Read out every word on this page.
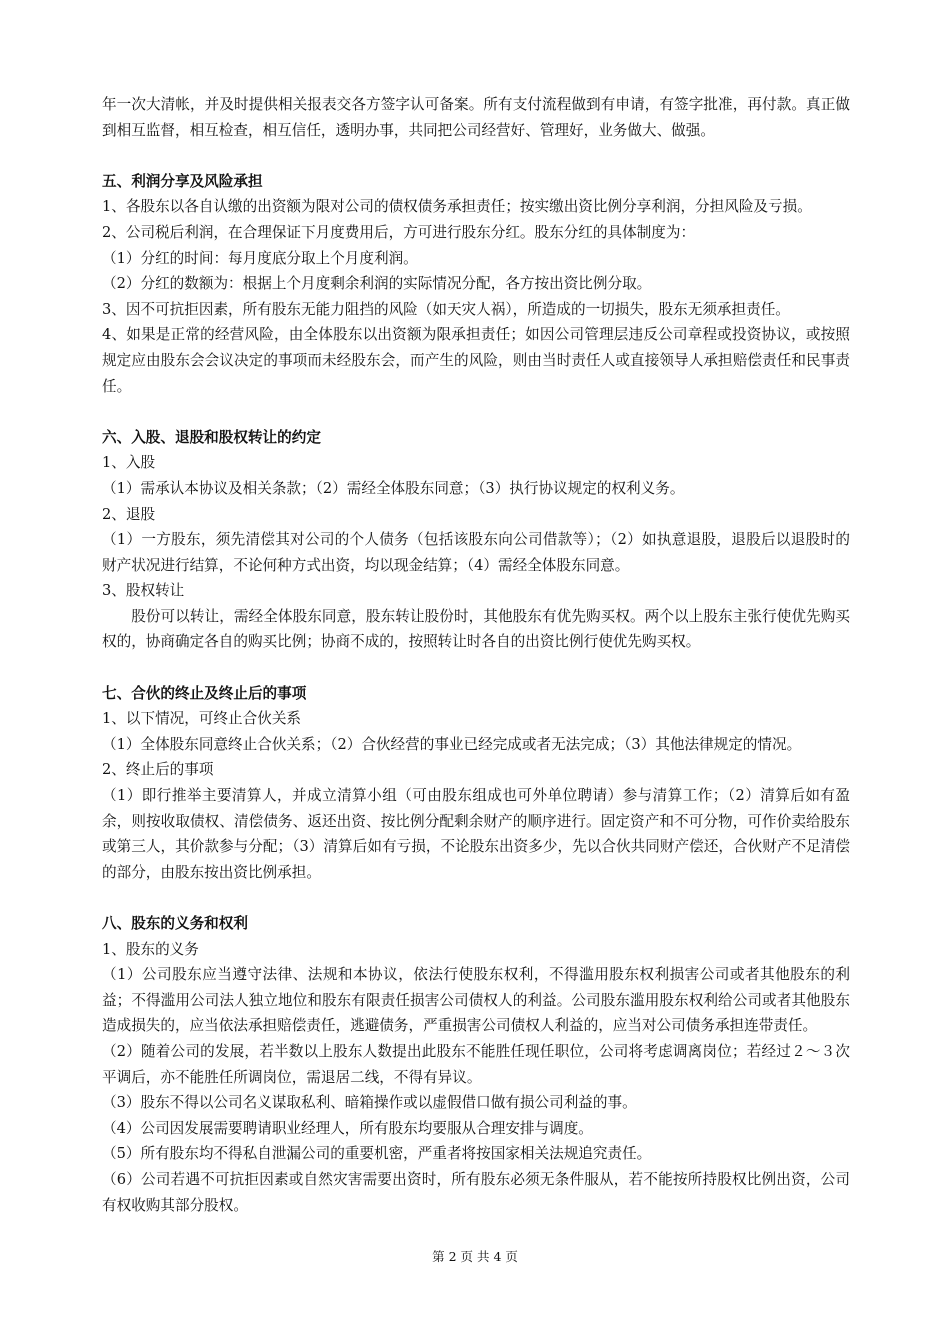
年一次大清帐，并及时提供相关报表交各方签字认可备案。所有支付流程做到有申请，有签字批准，再付款。真正做到相互监督，相互检查，相互信任，透明办事，共同把公司经营好、管理好，业务做大、做强。

五、利润分享及风险承担

1、各股东以各自认缴的出资额为限对公司的债权债务承担责任；按实缴出资比例分享利润，分担风险及亏损。

2、公司税后利润，在合理保证下月度费用后，方可进行股东分红。股东分红的具体制度为：

（1）分红的时间：每月度底分取上个月度利润。

（2）分红的数额为：根据上个月度剩余利润的实际情况分配，各方按出资比例分取。

3、因不可抗拒因素，所有股东无能力阻挡的风险（如天灾人祸），所造成的一切损失，股东无须承担责任。

4、如果是正常的经营风险，由全体股东以出资额为限承担责任；如因公司管理层违反公司章程或投资协议，或按照规定应由股东会会议决定的事项而未经股东会，而产生的风险，则由当时责任人或直接领导人承担赔偿责任和民事责任。

六、入股、退股和股权转让的约定

1、入股

（1）需承认本协议及相关条款；（2）需经全体股东同意；（3）执行协议规定的权利义务。

2、退股

（1）一方股东，须先清偿其对公司的个人债务（包括该股东向公司借款等）；（2）如执意退股，退股后以退股时的财产状况进行结算，不论何种方式出资，均以现金结算；（4）需经全体股东同意。

3、股权转让

股份可以转让，需经全体股东同意，股东转让股份时，其他股东有优先购买权。两个以上股东主张行使优先购买权的，协商确定各自的购买比例；协商不成的，按照转让时各自的出资比例行使优先购买权。

七、合伙的终止及终止后的事项

1、以下情况，可终止合伙关系

（1）全体股东同意终止合伙关系；（2）合伙经营的事业已经完成或者无法完成；（3）其他法律规定的情况。

2、终止后的事项

（1）即行推举主要清算人，并成立清算小组（可由股东组成也可外单位聘请）参与清算工作；（2）清算后如有盈余，则按收取债权、清偿债务、返还出资、按比例分配剩余财产的顺序进行。固定资产和不可分物，可作价卖给股东或第三人，其价款参与分配；（3）清算后如有亏损，不论股东出资多少，先以合伙共同财产偿还，合伙财产不足清偿的部分，由股东按出资比例承担。

八、股东的义务和权利

1、股东的义务

（1）公司股东应当遵守法律、法规和本协议，依法行使股东权利，不得滥用股东权利损害公司或者其他股东的利益；不得滥用公司法人独立地位和股东有限责任损害公司债权人的利益。公司股东滥用股东权利给公司或者其他股东造成损失的，应当依法承担赔偿责任，逃避债务，严重损害公司债权人利益的，应当对公司债务承担连带责任。

（2）随着公司的发展，若半数以上股东人数提出此股东不能胜任现任职位，公司将考虑调离岗位；若经过２～３次平调后，亦不能胜任所调岗位，需退居二线，不得有异议。

（3）股东不得以公司名义谋取私利、暗箱操作或以虚假借口做有损公司利益的事。

（4）公司因发展需要聘请职业经理人，所有股东均要服从合理安排与调度。

（5）所有股东均不得私自泄漏公司的重要机密，严重者将按国家相关法规追究责任。

（6）公司若遇不可抗拒因素或自然灾害需要出资时，所有股东必须无条件服从，若不能按所持股权比例出资，公司有权收购其部分股权。

第 2 页 共 4 页
